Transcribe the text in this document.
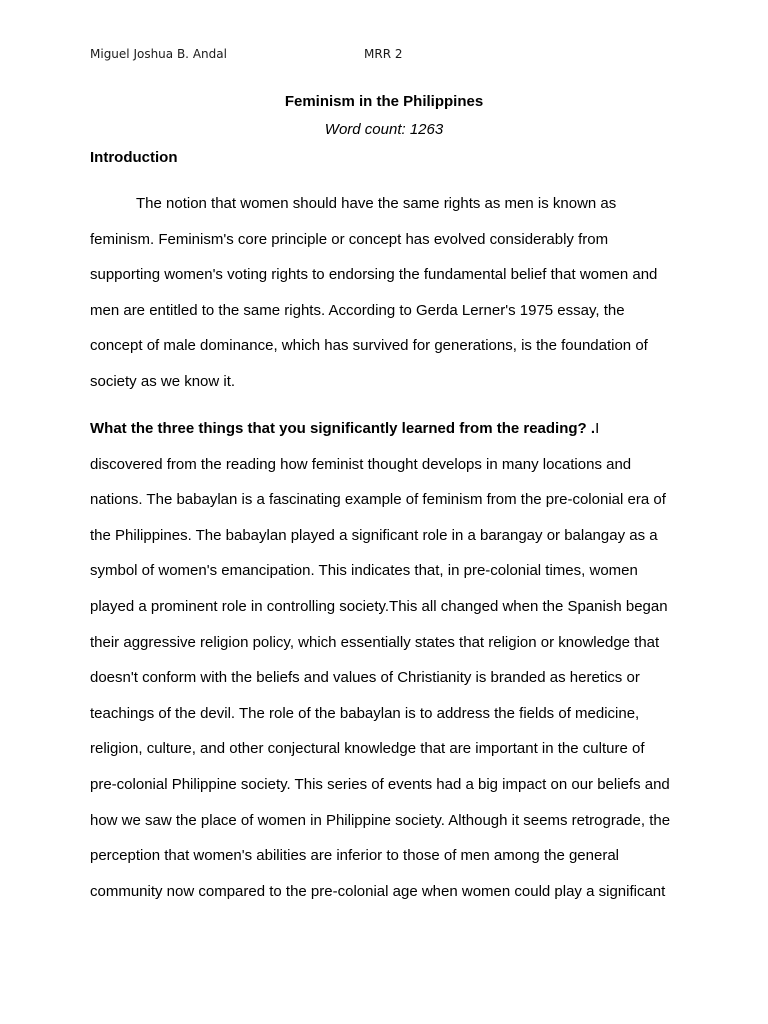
Miguel Joshua B. Andal	MRR 2
Feminism in the Philippines
Word count: 1263
Introduction
The notion that women should have the same rights as men is known as
feminism. Feminism's core principle or concept has evolved considerably from
supporting women's voting rights to endorsing the fundamental belief that women and
men are entitled to the same rights. According to Gerda Lerner's 1975 essay, the
concept of male dominance, which has survived for generations, is the foundation of
society as we know it.
What the three things that you significantly learned from the reading? .I
discovered from the reading how feminist thought develops in many locations and
nations. The babaylan is a fascinating example of feminism from the pre-colonial era of
the Philippines. The babaylan played a significant role in a barangay or balangay as a
symbol of women's emancipation. This indicates that, in pre-colonial times, women
played a prominent role in controlling society.This all changed when the Spanish began
their aggressive religion policy, which essentially states that religion or knowledge that
doesn't conform with the beliefs and values of Christianity is branded as heretics or
teachings of the devil. The role of the babaylan is to address the fields of medicine,
religion, culture, and other conjectural knowledge that are important in the culture of
pre-colonial Philippine society. This series of events had a big impact on our beliefs and
how we saw the place of women in Philippine society. Although it seems retrograde, the
perception that women's abilities are inferior to those of men among the general
community now compared to the pre-colonial age when women could play a significant
